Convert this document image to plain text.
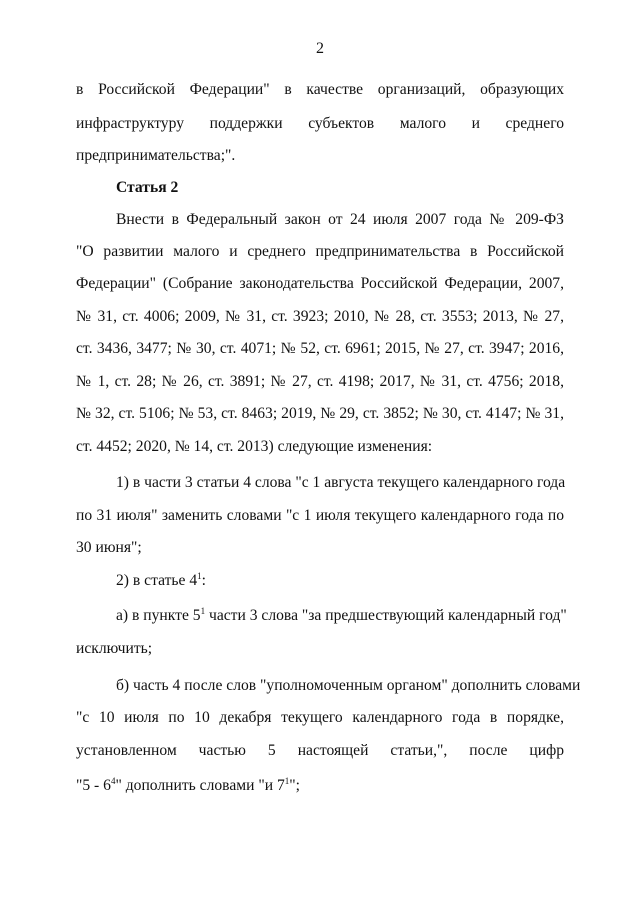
2
в Российской Федерации" в качестве организаций, образующих
инфраструктуру поддержки субъектов малого и среднего
предпринимательства;".
Статья 2
Внести в Федеральный закон от 24 июля 2007 года № 209-ФЗ
"О развитии малого и среднего предпринимательства в Российской
Федерации" (Собрание законодательства Российской Федерации, 2007,
№ 31, ст. 4006; 2009, № 31, ст. 3923; 2010, № 28, ст. 3553; 2013, № 27,
ст. 3436, 3477; № 30, ст. 4071; № 52, ст. 6961; 2015, № 27, ст. 3947; 2016,
№ 1, ст. 28; № 26, ст. 3891; № 27, ст. 4198; 2017, № 31, ст. 4756; 2018,
№ 32, ст. 5106; № 53, ст. 8463; 2019, № 29, ст. 3852; № 30, ст. 4147; № 31,
ст. 4452; 2020, № 14, ст. 2013) следующие изменения:
1) в части 3 статьи 4 слова "с 1 августа текущего календарного года
по 31 июля" заменить словами "с 1 июля текущего календарного года по
30 июня";
2) в статье $4^1$:
а) в пункте $5^1$ части 3 слова "за предшествующий календарный год"
исключить;
б) часть 4 после слов "уполномоченным органом" дополнить словами
"с 10 июля по 10 декабря текущего календарного года в порядке,
установленном частью 5 настоящей статьи,", после цифр
"$5 - 6^4$" дополнить словами "и $7^1$";
